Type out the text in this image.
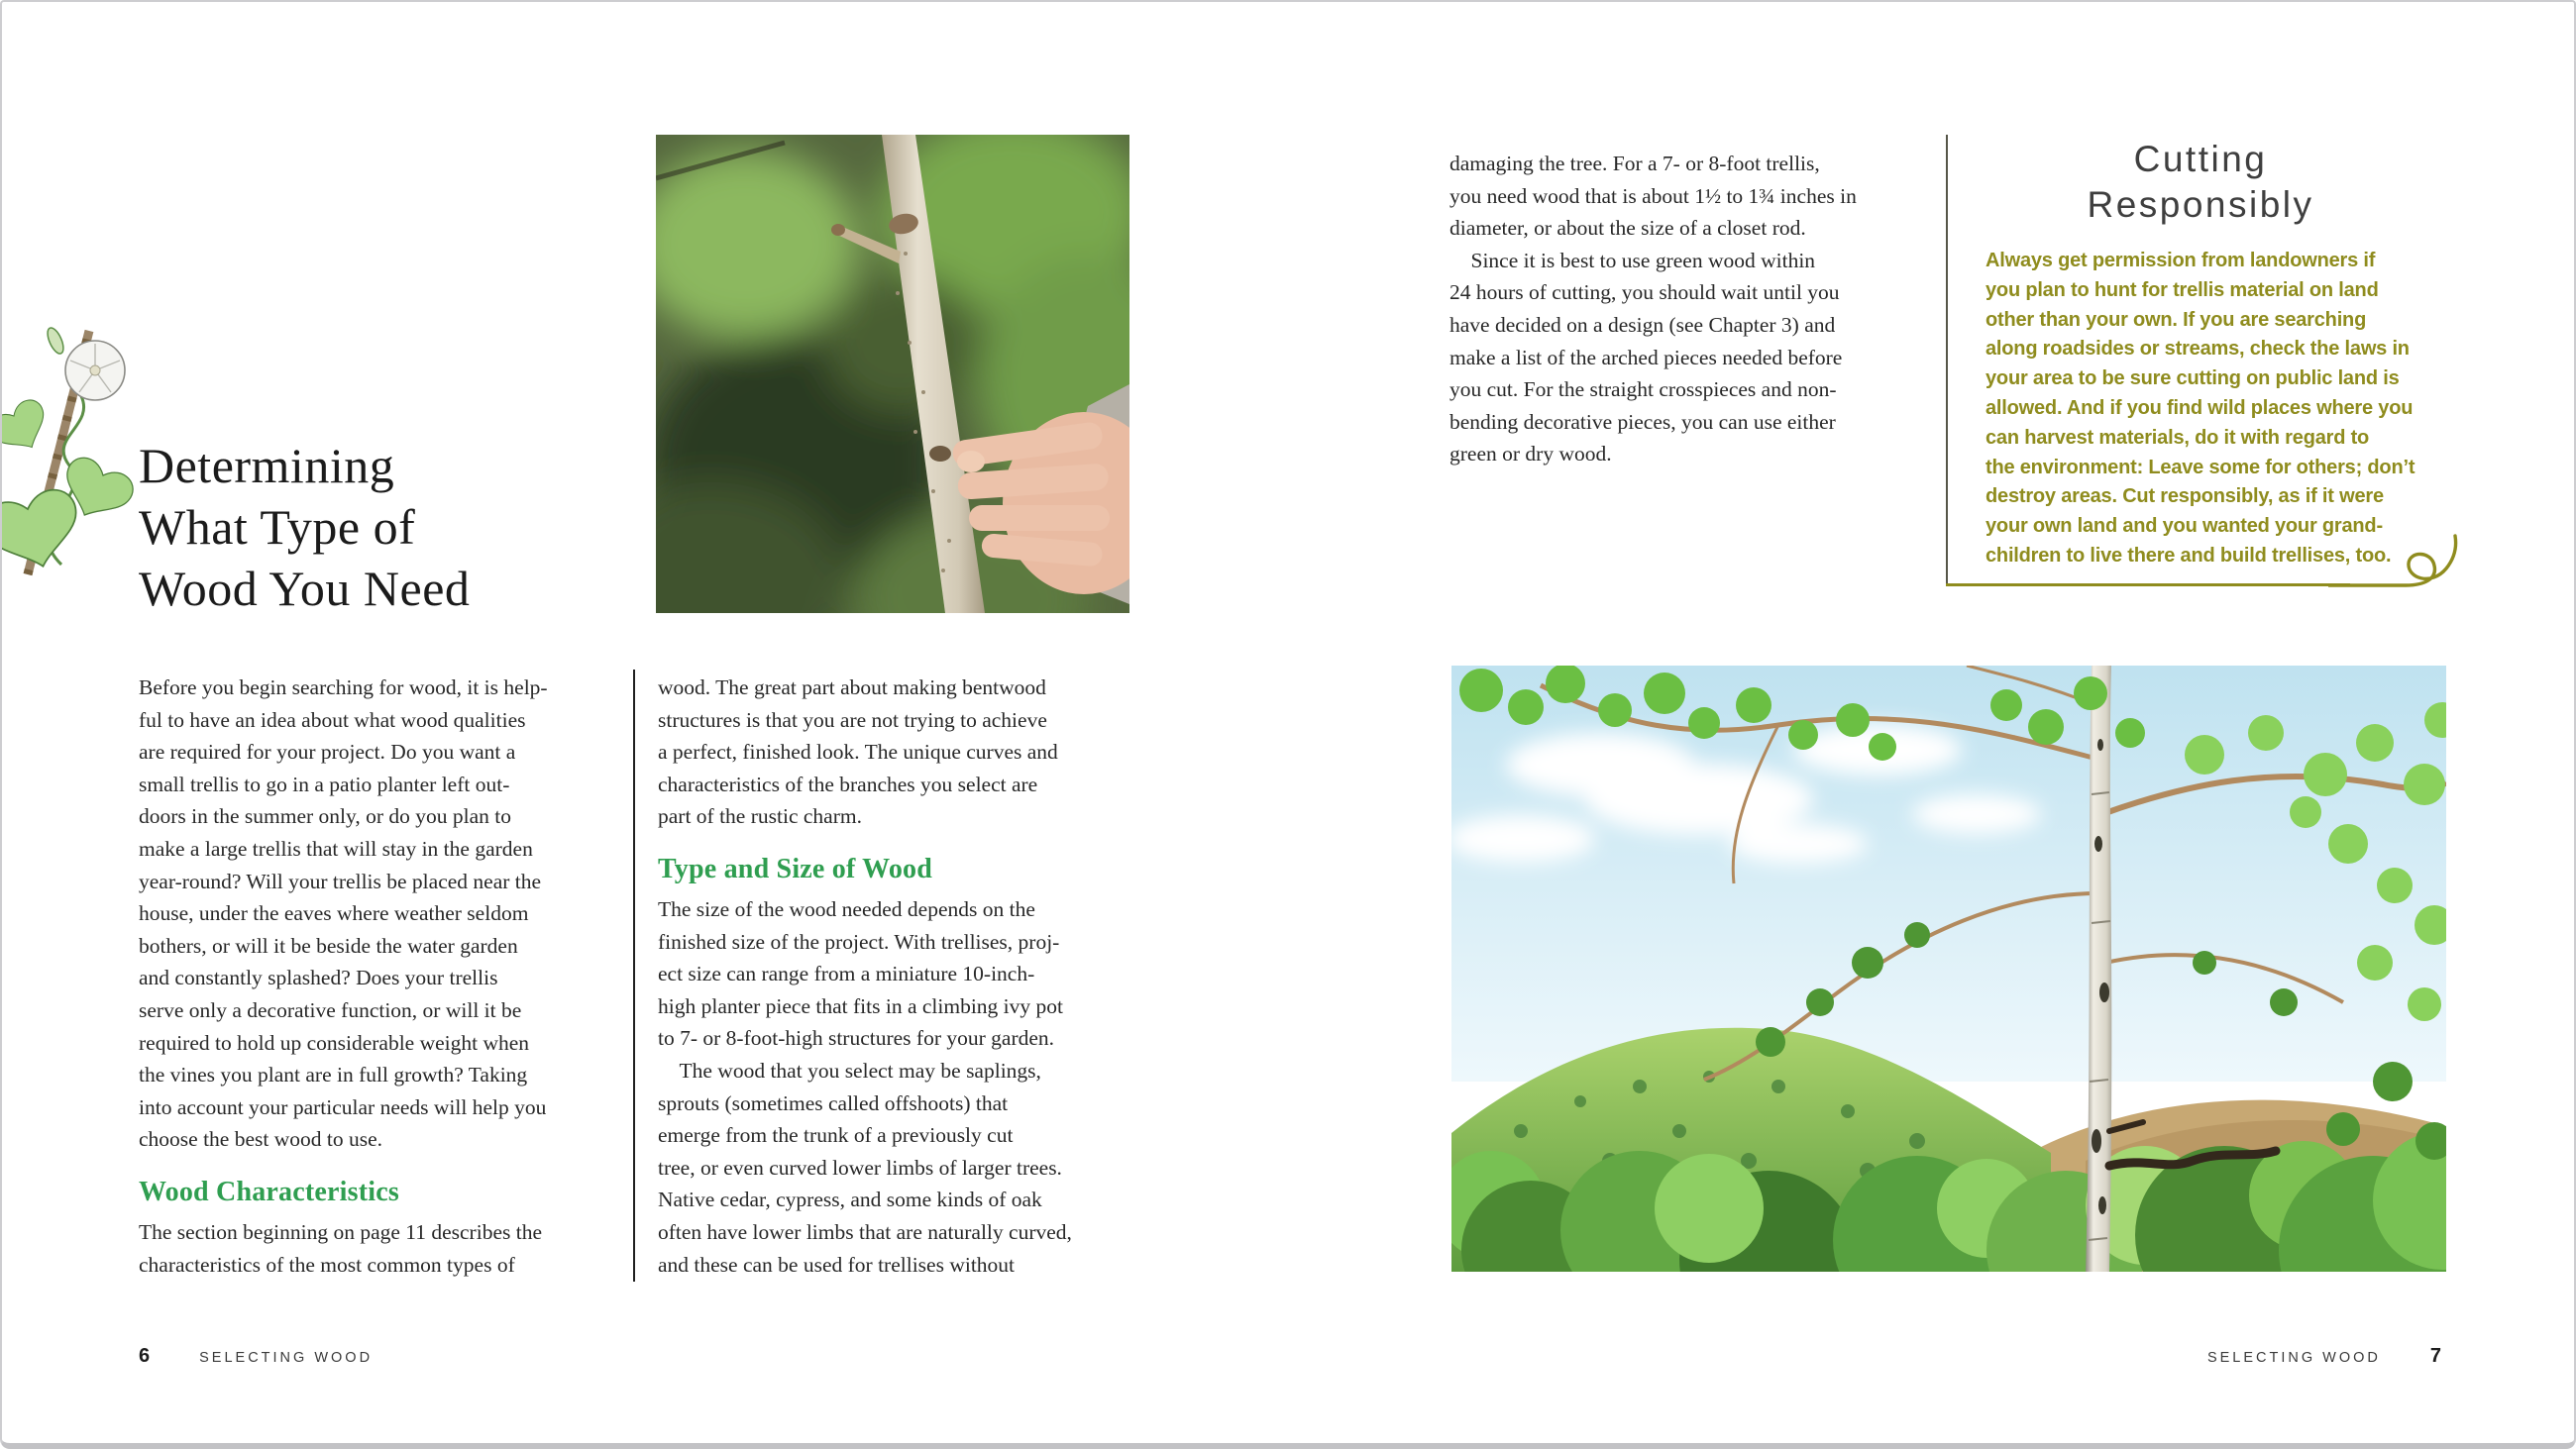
Determining
What Type of
Wood You Need
Before you begin searching for wood, it is help-
ful to have an idea about what wood qualities
are required for your project. Do you want a
small trellis to go in a patio planter left out-
doors in the summer only, or do you plan to
make a large trellis that will stay in the garden
year-round? Will your trellis be placed near the
house, under the eaves where weather seldom
bothers, or will it be beside the water garden
and constantly splashed? Does your trellis
serve only a decorative function, or will it be
required to hold up considerable weight when
the vines you plant are in full growth? Taking
into account your particular needs will help you
choose the best wood to use.
Wood Characteristics
The section beginning on page 11 describes the
characteristics of the most common types of
wood. The great part about making bentwood
structures is that you are not trying to achieve
a perfect, finished look. The unique curves and
characteristics of the branches you select are
part of the rustic charm.
Type and Size of Wood
The size of the wood needed depends on the
finished size of the project. With trellises, proj-
ect size can range from a miniature 10-inch-
high planter piece that fits in a climbing ivy pot
to 7- or 8-foot-high structures for your garden.
 The wood that you select may be saplings,
sprouts (sometimes called offshoots) that
emerge from the trunk of a previously cut
tree, or even curved lower limbs of larger trees.
Native cedar, cypress, and some kinds of oak
often have lower limbs that are naturally curved,
and these can be used for trellises without
damaging the tree. For a 7- or 8-foot trellis,
you need wood that is about 1½ to 1¾ inches in
diameter, or about the size of a closet rod.
 Since it is best to use green wood within
24 hours of cutting, you should wait until you
have decided on a design (see Chapter 3) and
make a list of the arched pieces needed before
you cut. For the straight crosspieces and non-
bending decorative pieces, you can use either
green or dry wood.
Cutting
Responsibly
Always get permission from landowners if
you plan to hunt for trellis material on land
other than your own. If you are searching
along roadsides or streams, check the laws in
your area to be sure cutting on public land is
allowed. And if you find wild places where you
can harvest materials, do it with regard to
the environment: Leave some for others; don’t
destroy areas. Cut responsibly, as if it were
your own land and you wanted your grand-
children to live there and build trellises, too.
6	SELECTING WOOD	SELECTING WOOD	7
